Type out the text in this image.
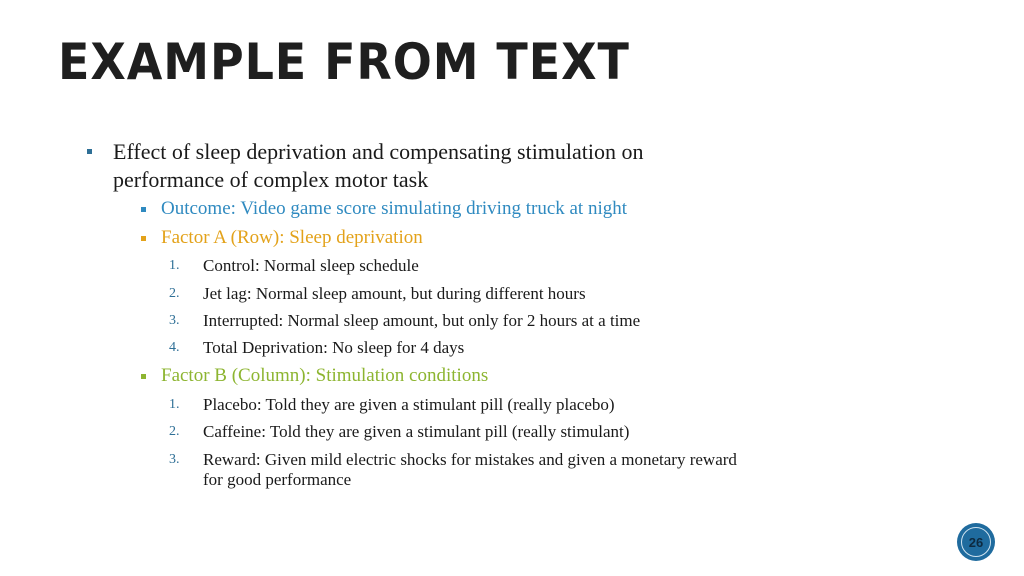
EXAMPLE FROM TEXT
Effect of sleep deprivation and compensating stimulation on
performance of complex motor task
Outcome: Video game score simulating driving truck at night
Factor A (Row): Sleep deprivation
1. Control: Normal sleep schedule
2. Jet lag: Normal sleep amount, but during different hours
3. Interrupted: Normal sleep amount, but only for 2 hours at a time
4. Total Deprivation: No sleep for 4 days
Factor B (Column): Stimulation conditions
1. Placebo: Told they are given a stimulant pill (really placebo)
2. Caffeine: Told they are given a stimulant pill (really stimulant)
3. Reward: Given mild electric shocks for mistakes and given a monetary reward
for good performance
26
